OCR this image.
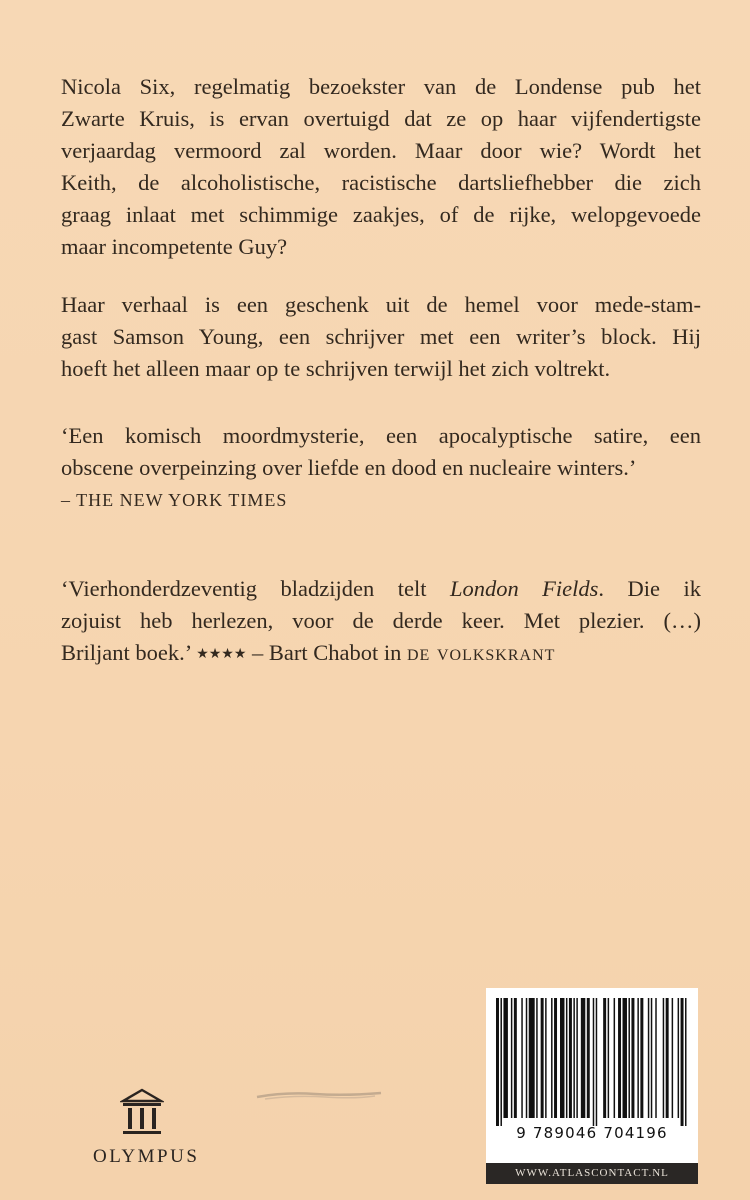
Nicola Six, regelmatig bezoekster van de Londense pub het
Zwarte Kruis, is ervan overtuigd dat ze op haar vijfendertigste
verjaardag vermoord zal worden. Maar door wie? Wordt het
Keith, de alcoholistische, racistische dartsliefhebber die zich
graag inlaat met schimmige zaakjes, of de rijke, welopgevoede
maar incompetente Guy?
Haar verhaal is een geschenk uit de hemel voor mede-stam-
gast Samson Young, een schrijver met een writer’s block. Hij
hoeft het alleen maar op te schrijven terwijl het zich voltrekt.
‘Een komisch moordmysterie, een apocalyptische satire, een
obscene overpeinzing over liefde en dood en nucleaire winters.’
– THE NEW YORK TIMES
‘Vierhonderdzeventig bladzijden telt London Fields. Die ik
zojuist heb herlezen, voor de derde keer. Met plezier. (…)
Briljant boek.’ ★★★★ – Bart Chabot in de volkskrant
OLYMPUS
9 789046 704196
WWW.ATLASCONTACT.NL
